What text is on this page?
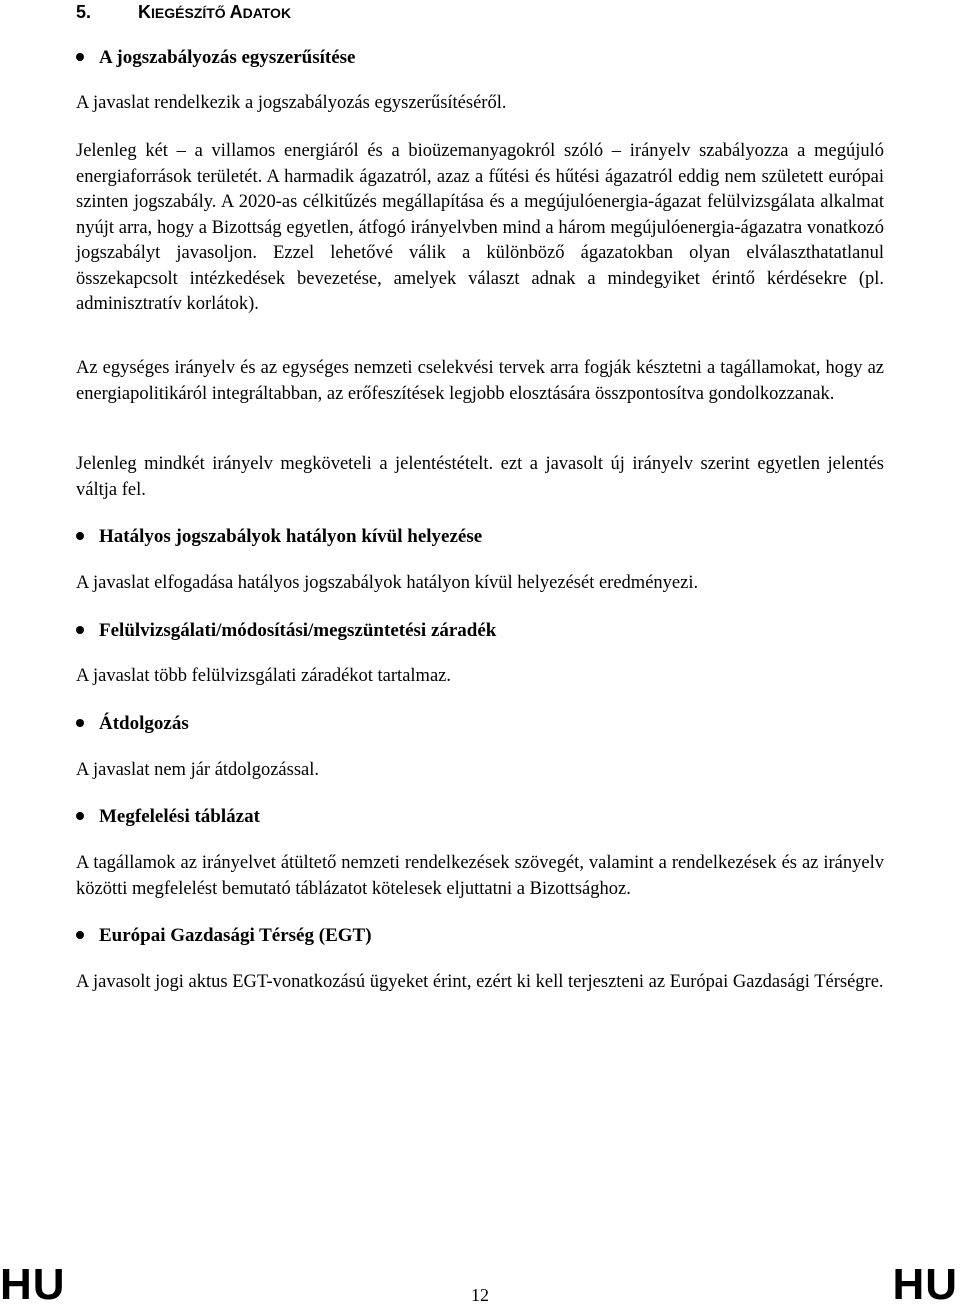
5.	KIEGÉSZÍTŐ ADATOK
A jogszabályozás egyszerűsítése
A javaslat rendelkezik a jogszabályozás egyszerűsítéséről.
Jelenleg két – a villamos energiáról és a bioüzemanyagokról szóló – irányelv szabályozza a megújuló energiaforrások területét. A harmadik ágazatról, azaz a fűtési és hűtési ágazatról eddig nem született európai szinten jogszabály. A 2020-as célkitűzés megállapítása és a megújulóenergia-ágazat felülvizsgálata alkalmat nyújt arra, hogy a Bizottság egyetlen, átfogó irányelvben mind a három megújulóenergia-ágazatra vonatkozó jogszabályt javasoljon. Ezzel lehetővé válik a különböző ágazatokban olyan elválaszthatatlanul összekapcsolt intézkedések bevezetése, amelyek választ adnak a mindegyiket érintő kérdésekre (pl. adminisztratív korlátok).
Az egységes irányelv és az egységes nemzeti cselekvési tervek arra fogják késztetni a tagállamokat, hogy az energiapolitikáról integráltabban, az erőfeszítések legjobb elosztására összpontosítva gondolkozzanak.
Jelenleg mindkét irányelv megköveteli a jelentéstételt. ezt a javasolt új irányelv szerint egyetlen jelentés váltja fel.
Hatályos jogszabályok hatályon kívül helyezése
A javaslat elfogadása hatályos jogszabályok hatályon kívül helyezését eredményezi.
Felülvizsgálati/módosítási/megszüntetési záradék
A javaslat több felülvizsgálati záradékot tartalmaz.
Átdolgozás
A javaslat nem jár átdolgozással.
Megfelelési táblázat
A tagállamok az irányelvet átültető nemzeti rendelkezések szövegét, valamint a rendelkezések és az irányelv közötti megfelelést bemutató táblázatot kötelesek eljuttatni a Bizottsághoz.
Európai Gazdasági Térség (EGT)
A javasolt jogi aktus EGT-vonatkozású ügyeket érint, ezért ki kell terjeszteni az Európai Gazdasági Térségre.
HU	12	HU
